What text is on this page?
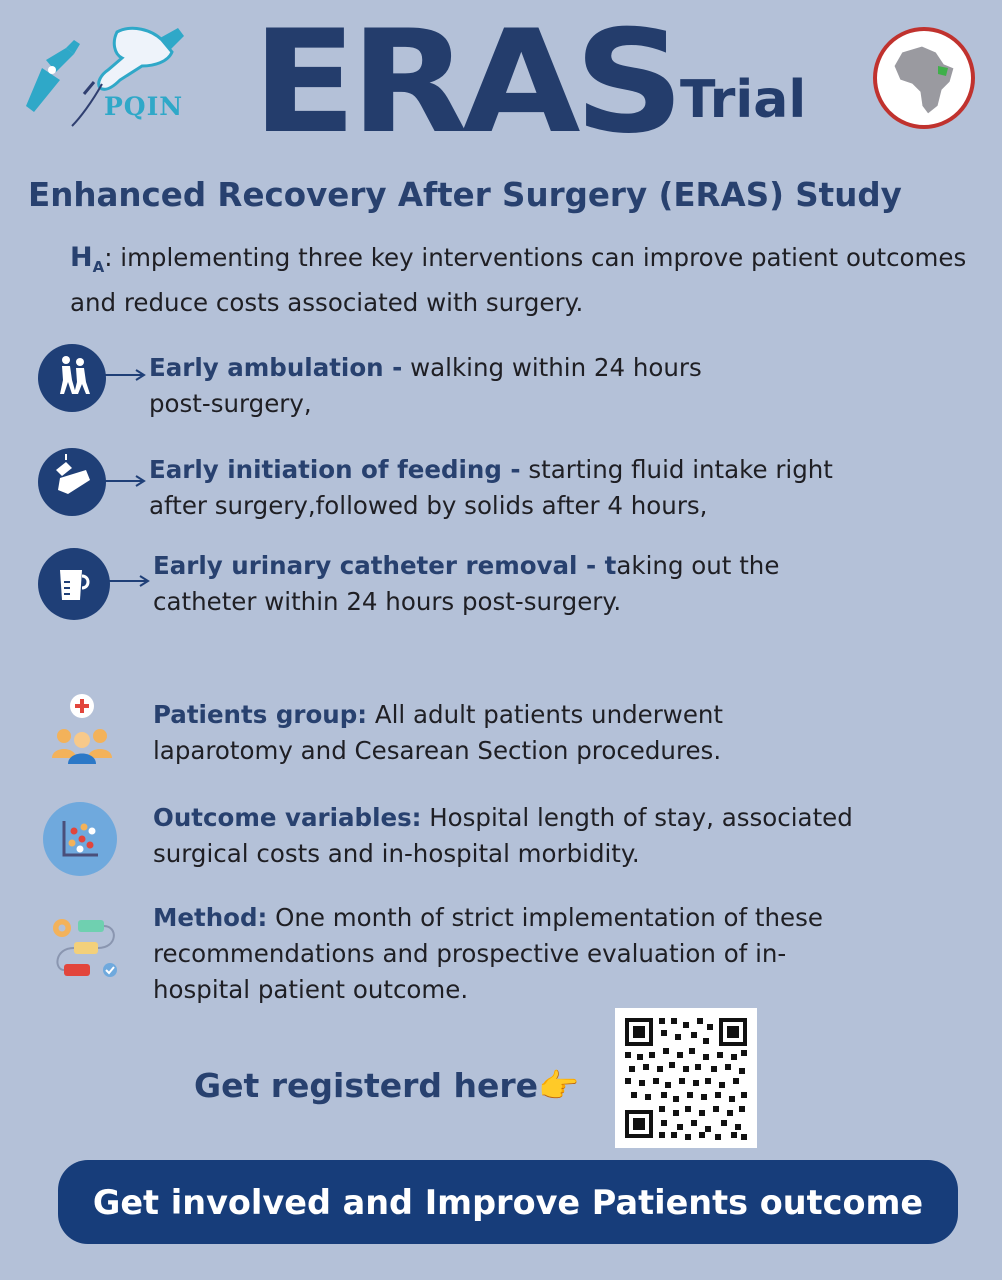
PQIN ERAS Trial
Enhanced Recovery After Surgery (ERAS) Study
$H_A$: implementing three key interventions can improve patient outcomes and reduce costs associated with surgery.
Early ambulation - walking within 24 hours
post-surgery,
Early initiation of feeding - starting fluid intake right
after surgery,followed by solids after 4 hours,
Early urinary catheter removal - taking out the
catheter within 24 hours post-surgery.
Patients group: All adult patients underwent
laparotomy and Cesarean Section procedures.
Outcome variables: Hospital length of stay, associated
surgical costs and in-hospital morbidity.
Method: One month of strict implementation of these
recommendations and prospective evaluation of in-
hospital patient outcome.
Get registerd here👉
Get involved and Improve Patients outcome
